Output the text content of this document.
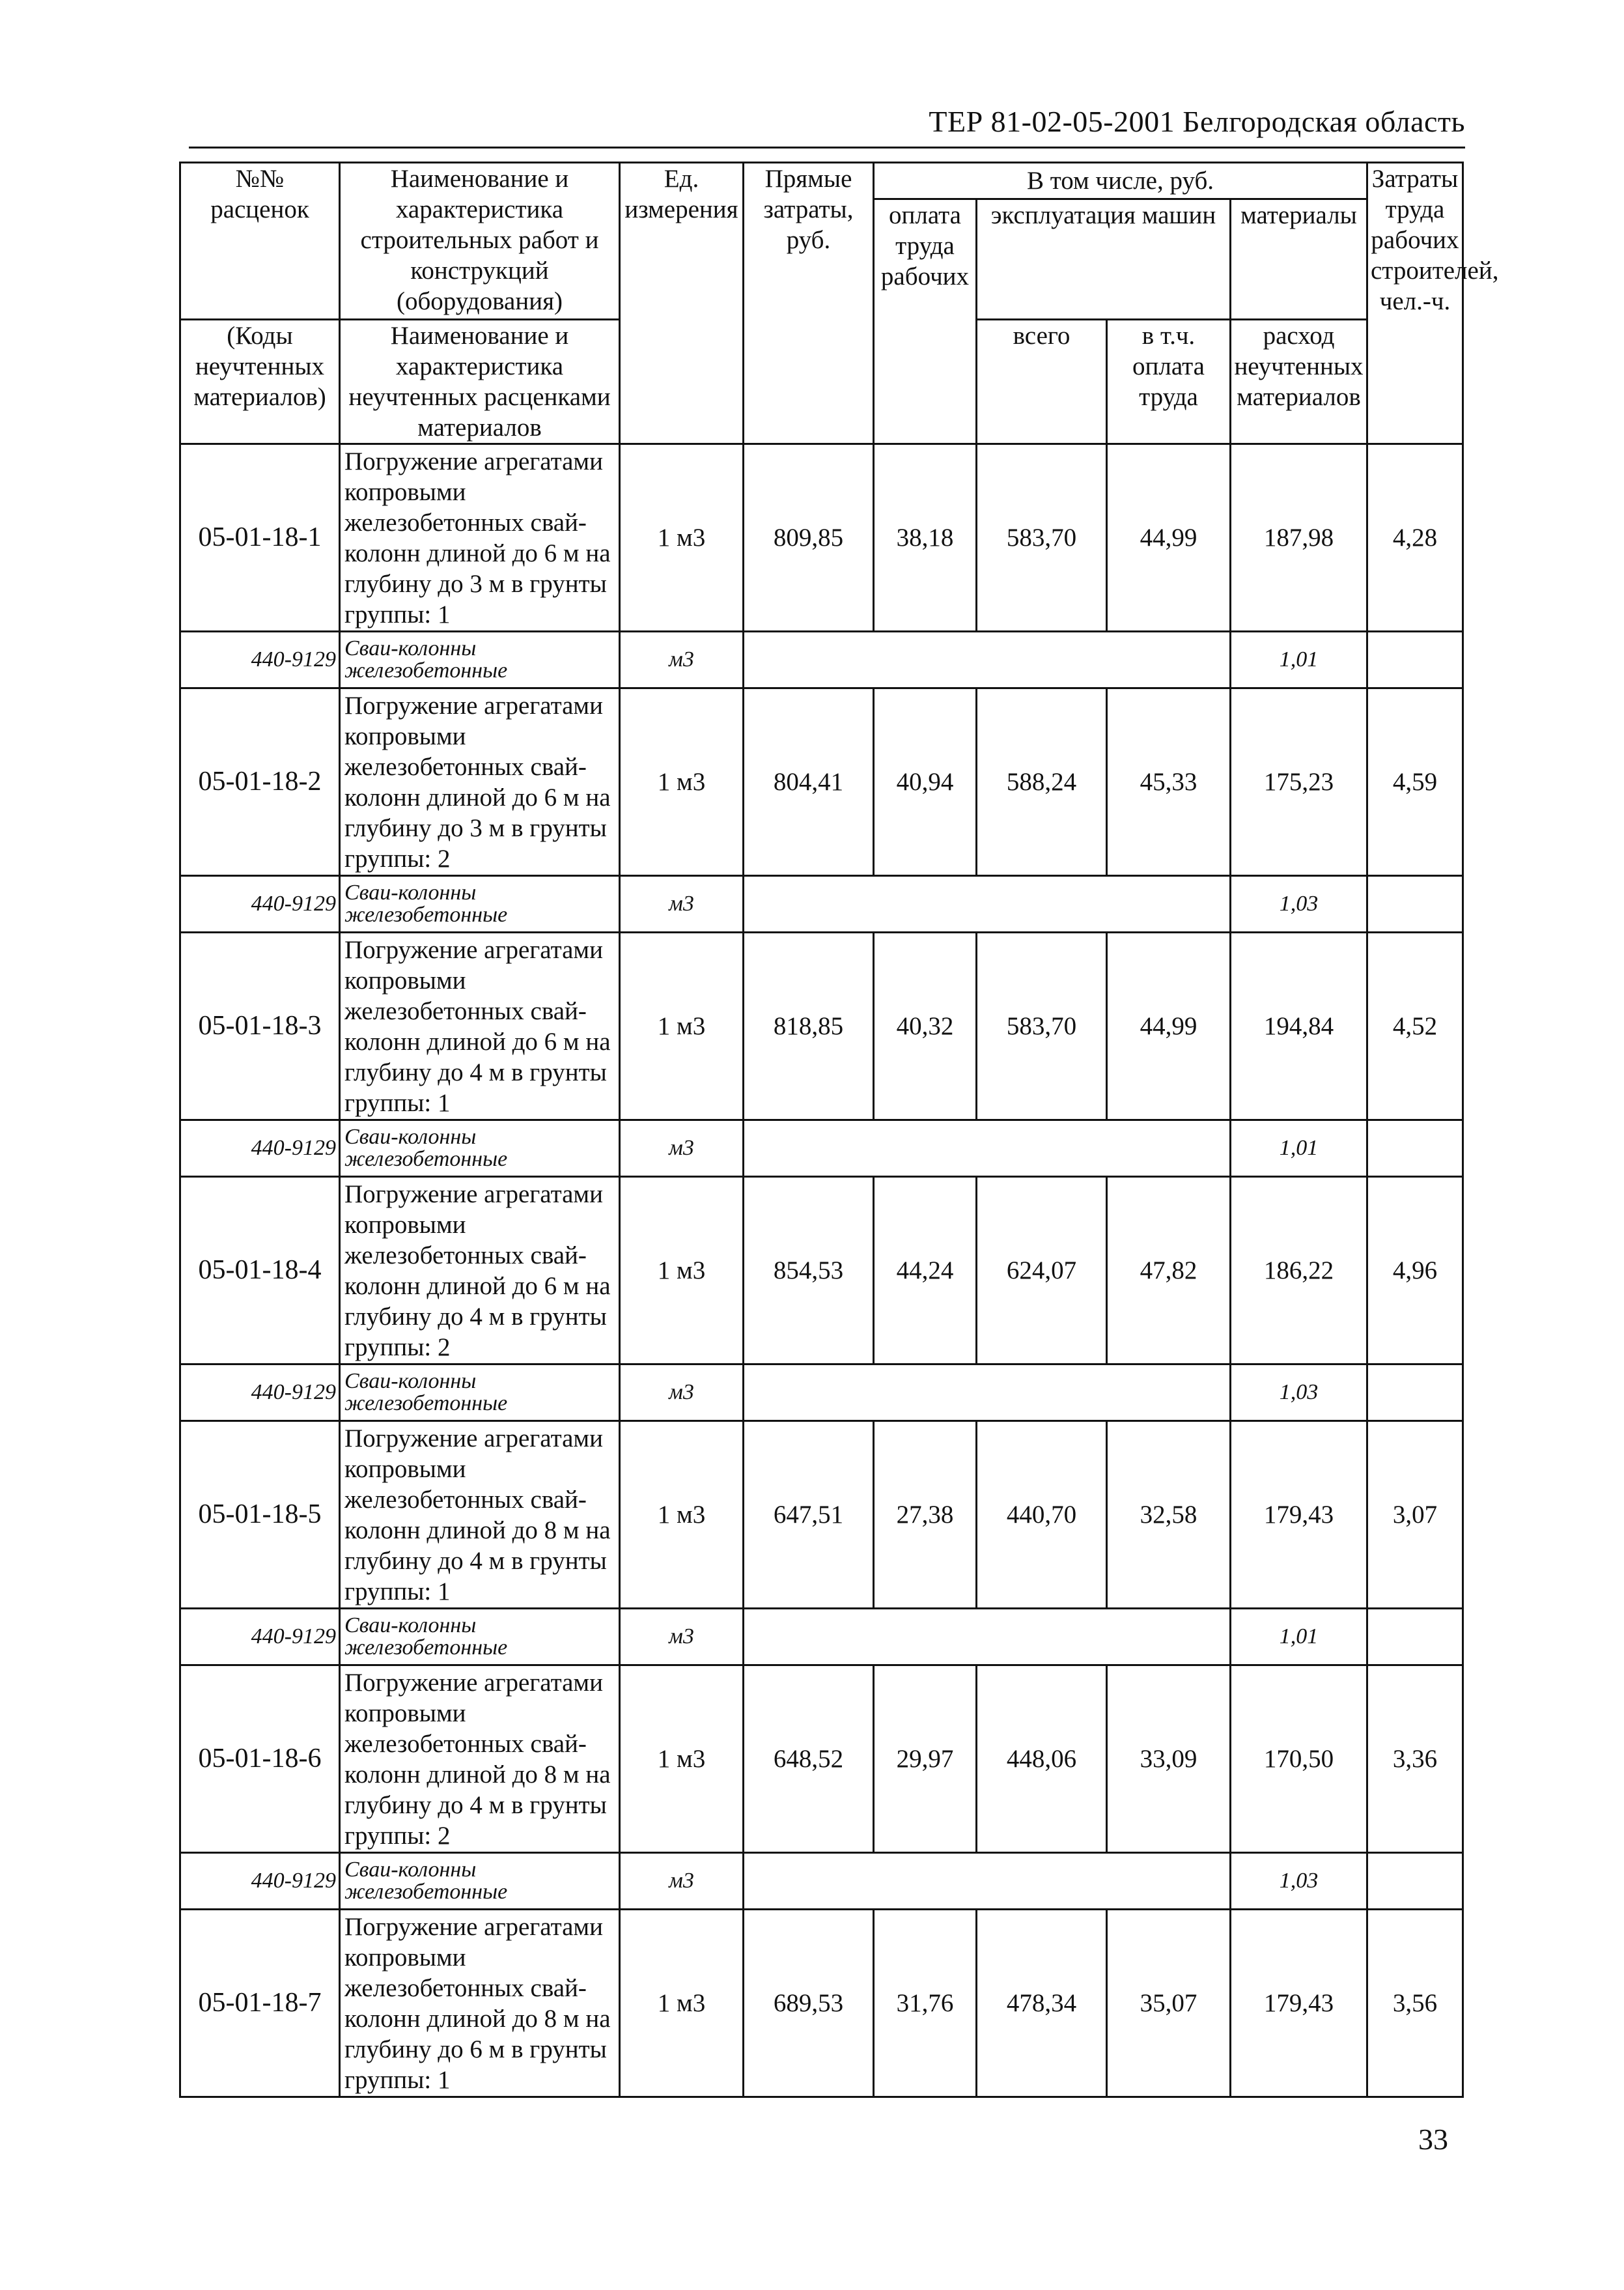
ТЕР 81-02-05-2001 Белгородская область
№№ расценок	Наименование и характеристика строительных работ и конструкций (оборудования)	Ед. измерения	Прямые затраты, руб.	В том числе, руб.				Затраты труда рабочих строителей, чел.-ч.
				оплата труда рабочих	эксплуатация машин		материалы	
(Коды неучтенных материалов)	Наименование и характеристика неучтенных расценками материалов				всего	в т.ч. оплата труда	расход неучтенных материалов	
05-01-18-1	Погружение агрегатами копровыми железобетонных свай-колонн длиной до 6 м на глубину до 3 м в грунты группы: 1	1 м3	809,85	38,18	583,70	44,99	187,98	4,28
440-9129	Сваи-колонны железобетонные	м3					1,01	
05-01-18-2	Погружение агрегатами копровыми железобетонных свай-колонн длиной до 6 м на глубину до 3 м в грунты группы: 2	1 м3	804,41	40,94	588,24	45,33	175,23	4,59
440-9129	Сваи-колонны железобетонные	м3					1,03	
05-01-18-3	Погружение агрегатами копровыми железобетонных свай-колонн длиной до 6 м на глубину до 4 м в грунты группы: 1	1 м3	818,85	40,32	583,70	44,99	194,84	4,52
440-9129	Сваи-колонны железобетонные	м3					1,01	
05-01-18-4	Погружение агрегатами копровыми железобетонных свай-колонн длиной до 6 м на глубину до 4 м в грунты группы: 2	1 м3	854,53	44,24	624,07	47,82	186,22	4,96
440-9129	Сваи-колонны железобетонные	м3					1,03	
05-01-18-5	Погружение агрегатами копровыми железобетонных свай-колонн длиной до 8 м на глубину до 4 м в грунты группы: 1	1 м3	647,51	27,38	440,70	32,58	179,43	3,07
440-9129	Сваи-колонны железобетонные	м3					1,01	
05-01-18-6	Погружение агрегатами копровыми железобетонных свай-колонн длиной до 8 м на глубину до 4 м в грунты группы: 2	1 м3	648,52	29,97	448,06	33,09	170,50	3,36
440-9129	Сваи-колонны железобетонные	м3					1,03	
05-01-18-7	Погружение агрегатами копровыми железобетонных свай-колонн длиной до 8 м на глубину до 6 м в грунты группы: 1	1 м3	689,53	31,76	478,34	35,07	179,43	3,56
33
